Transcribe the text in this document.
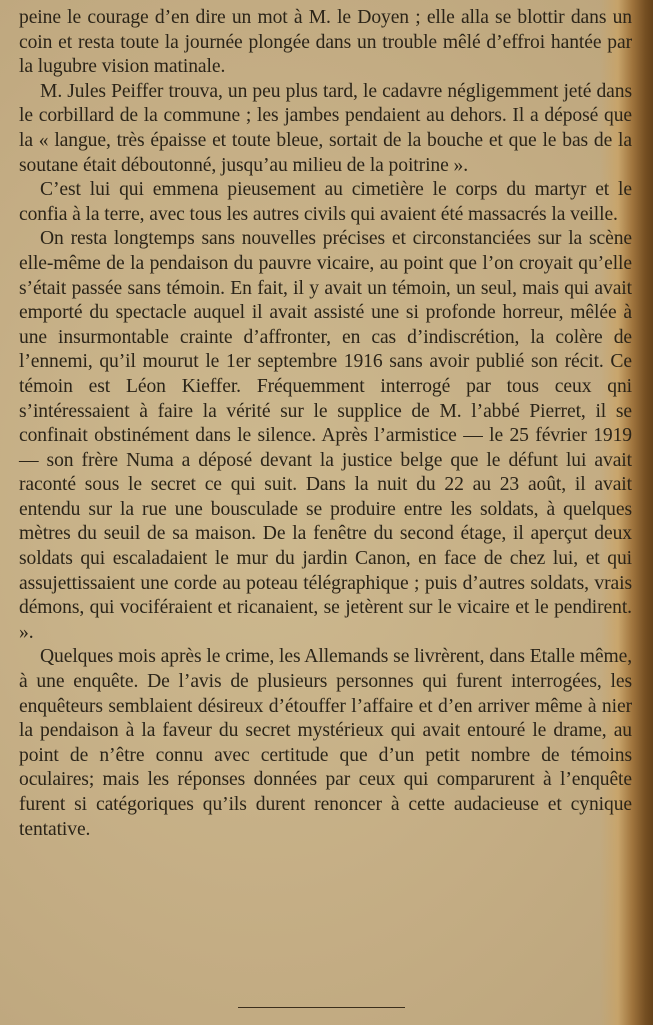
peine le courage d’en dire un mot à M. le Doyen ; elle alla se blottir dans un coin et resta toute la journée plongée dans un trouble mêlé d’effroi hantée par la lugubre vision matinale.

M. Jules Peiffer trouva, un peu plus tard, le cadavre négligemment jeté dans le corbillard de la commune ; les jambes pendaient au dehors. Il a déposé que la « langue, très épaisse et toute bleue, sortait de la bouche et que le bas de la soutane était déboutonné, jusqu’au milieu de la poitrine ».

C’est lui qui emmena pieusement au cimetière le corps du martyr et le confia à la terre, avec tous les autres civils qui avaient été massacrés la veille.

On resta longtemps sans nouvelles précises et circonstanciées sur la scène elle-même de la pendaison du pauvre vicaire, au point que l’on croyait qu’elle s’était passée sans témoin. En fait, il y avait un témoin, un seul, mais qui avait emporté du spectacle auquel il avait assisté une si profonde horreur, mêlée à une insurmontable crainte d’affronter, en cas d’indiscrétion, la colère de l’ennemi, qu’il mourut le 1er septembre 1916 sans avoir publié son récit. Ce témoin est Léon Kieffer. Fréquemment interrogé par tous ceux qni s’intéressaient à faire la vérité sur le supplice de M. l’abbé Pierret, il se confinait obstinément dans le silence. Après l’armistice — le 25 février 1919 — son frère Numa a déposé devant la justice belge que le défunt lui avait raconté sous le secret ce qui suit. Dans la nuit du 22 au 23 août, il avait entendu sur la rue une bousculade se produire entre les soldats, à quelques mètres du seuil de sa maison. De la fenêtre du second étage, il aperçut deux soldats qui escaladaient le mur du jardin Canon, en face de chez lui, et qui assujettissaient une corde au poteau télégraphique ; puis d’autres soldats, vrais démons, qui vociféraient et ricanaient, se jetèrent sur le vicaire et le pendirent. ».

Quelques mois après le crime, les Allemands se livrèrent, dans Etalle même, à une enquête. De l’avis de plusieurs personnes qui furent interrogées, les enquêteurs semblaient désireux d’étouffer l’affaire et d’en arriver même à nier la pendaison à la faveur du secret mystérieux qui avait entouré le drame, au point de n’être connu avec certitude que d’un petit nombre de témoins oculaires; mais les réponses données par ceux qui comparurent à l’enquête furent si catégoriques qu’ils durent renoncer à cette audacieuse et cynique tentative.
